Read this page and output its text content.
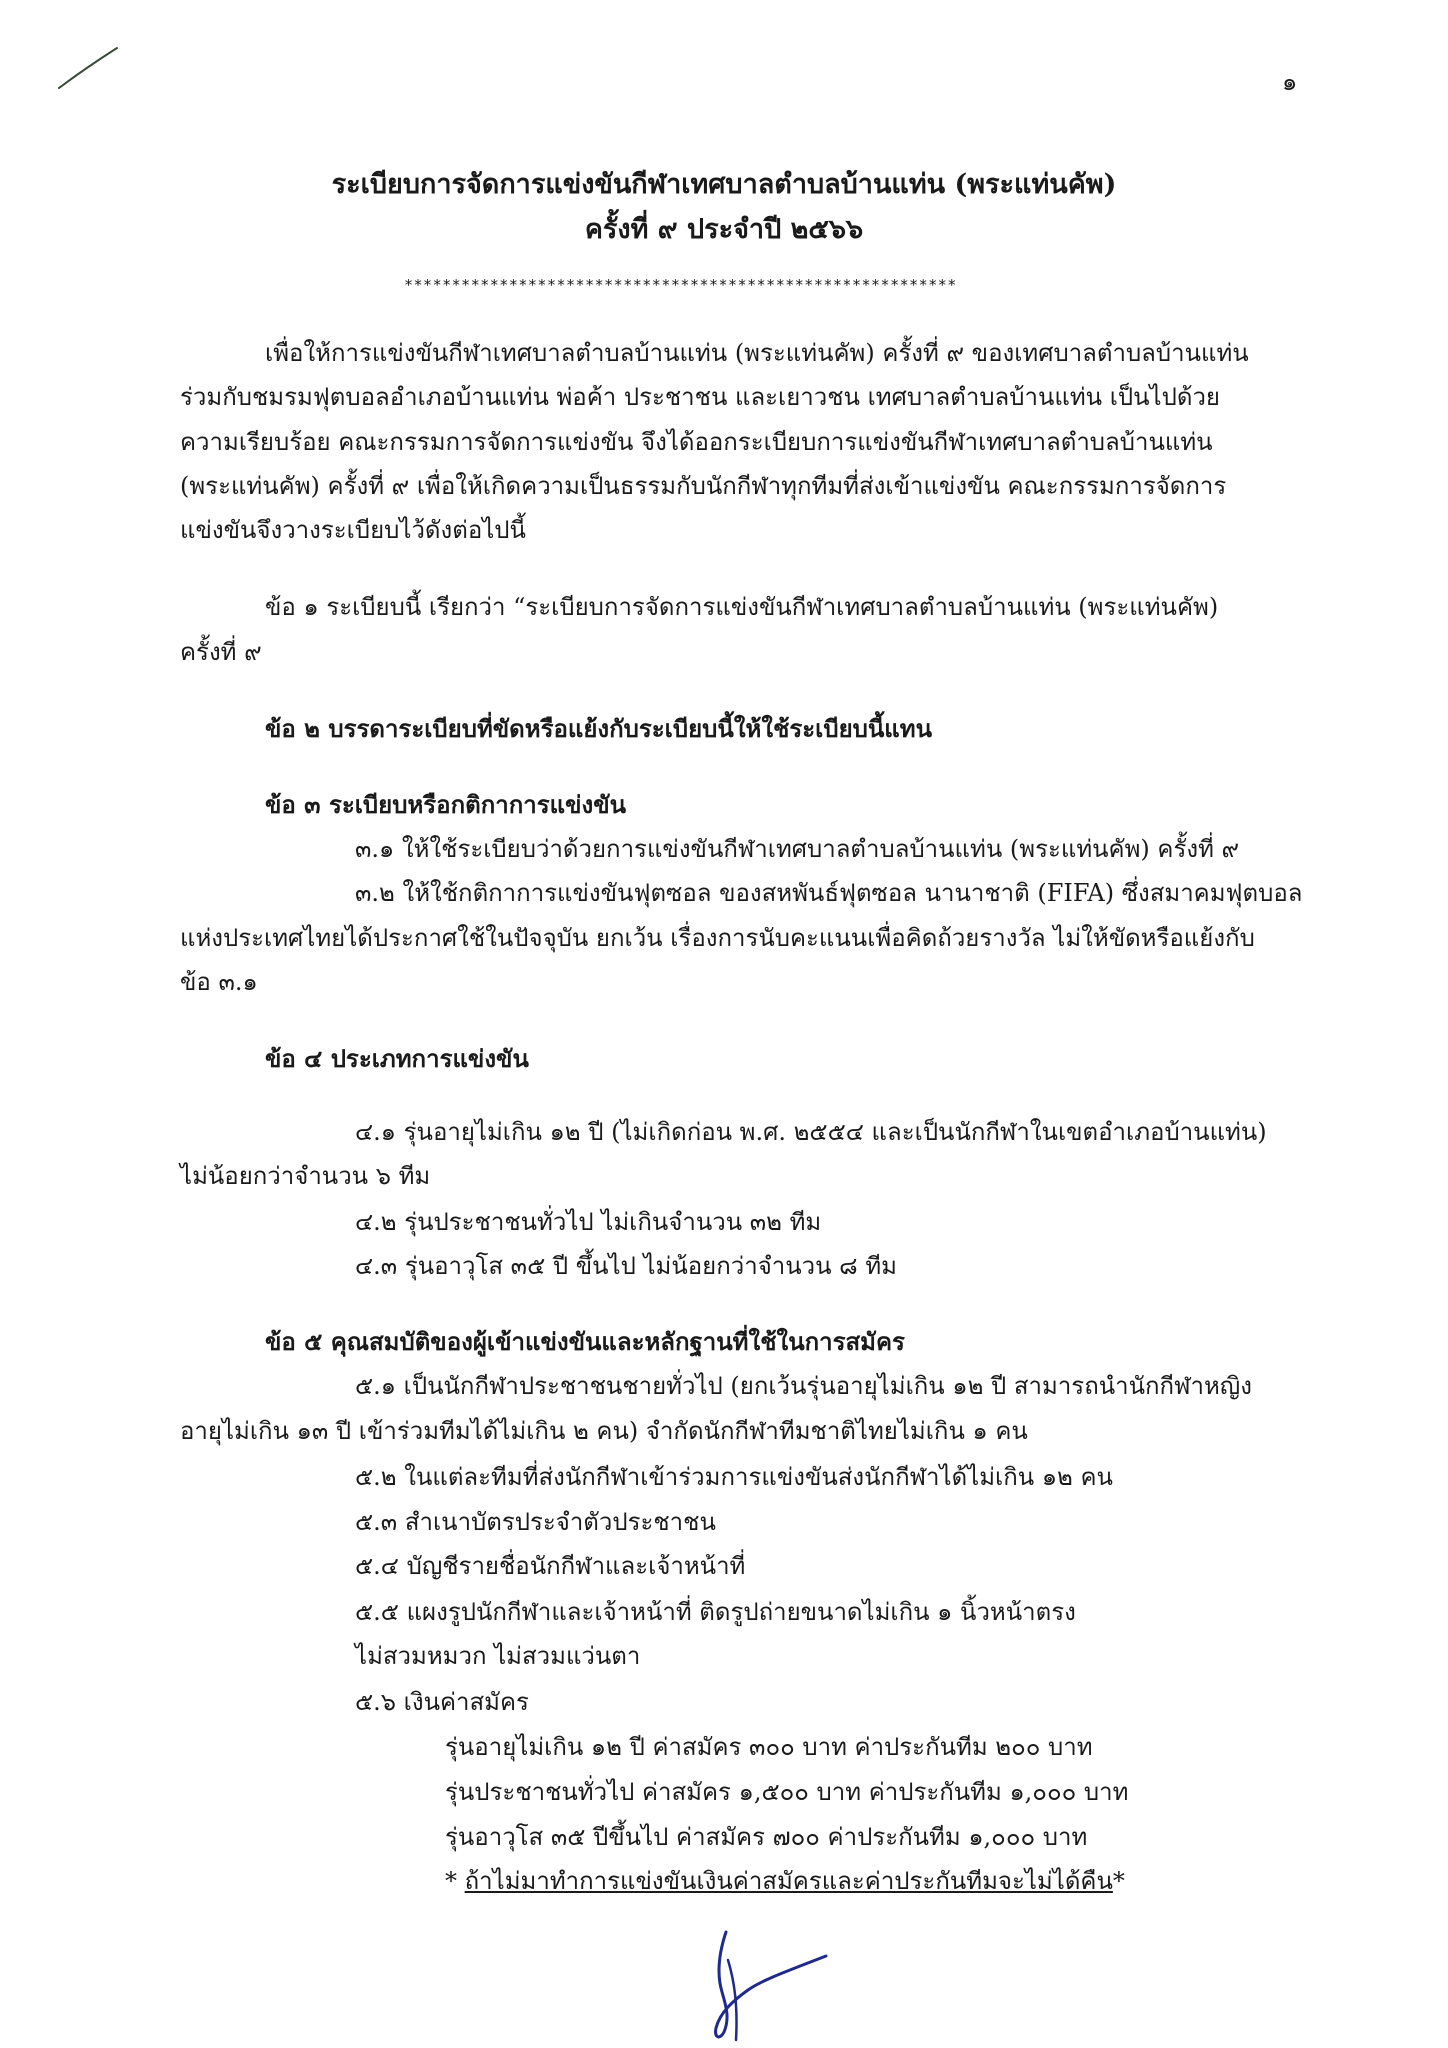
๑
ระเบียบการจัดการแข่งขันกีฬาเทศบาลตำบลบ้านแท่น (พระแท่นคัพ)
ครั้งที่ ๙ ประจำปี ๒๕๖๖
**********************************************************
เพื่อให้การแข่งขันกีฬาเทศบาลตำบลบ้านแท่น (พระแท่นคัพ) ครั้งที่ ๙ ของเทศบาลตำบลบ้านแท่น
ร่วมกับชมรมฟุตบอลอำเภอบ้านแท่น พ่อค้า ประชาชน และเยาวชน เทศบาลตำบลบ้านแท่น เป็นไปด้วย
ความเรียบร้อย คณะกรรมการจัดการแข่งขัน จึงได้ออกระเบียบการแข่งขันกีฬาเทศบาลตำบลบ้านแท่น
(พระแท่นคัพ) ครั้งที่ ๙ เพื่อให้เกิดความเป็นธรรมกับนักกีฬาทุกทีมที่ส่งเข้าแข่งขัน คณะกรรมการจัดการ
แข่งขันจึงวางระเบียบไว้ดังต่อไปนี้
ข้อ ๑ ระเบียบนี้ เรียกว่า “ระเบียบการจัดการแข่งขันกีฬาเทศบาลตำบลบ้านแท่น (พระแท่นคัพ)
ครั้งที่ ๙
ข้อ ๒ บรรดาระเบียบที่ขัดหรือแย้งกับระเบียบนี้ให้ใช้ระเบียบนี้แทน
ข้อ ๓ ระเบียบหรือกติกาการแข่งขัน
๓.๑ ให้ใช้ระเบียบว่าด้วยการแข่งขันกีฬาเทศบาลตำบลบ้านแท่น (พระแท่นคัพ) ครั้งที่ ๙
๓.๒ ให้ใช้กติกาการแข่งขันฟุตซอล ของสหพันธ์ฟุตซอล นานาชาติ (FIFA) ซึ่งสมาคมฟุตบอล
แห่งประเทศไทยได้ประกาศใช้ในปัจจุบัน ยกเว้น เรื่องการนับคะแนนเพื่อคิดถ้วยรางวัล ไม่ให้ขัดหรือแย้งกับ
ข้อ ๓.๑
ข้อ ๔ ประเภทการแข่งขัน
๔.๑ รุ่นอายุไม่เกิน ๑๒ ปี (ไม่เกิดก่อน พ.ศ. ๒๕๕๔ และเป็นนักกีฬาในเขตอำเภอบ้านแท่น)
ไม่น้อยกว่าจำนวน ๖ ทีม
๔.๒ รุ่นประชาชนทั่วไป ไม่เกินจำนวน ๓๒ ทีม
๔.๓ รุ่นอาวุโส ๓๕ ปี ขึ้นไป ไม่น้อยกว่าจำนวน ๘ ทีม
ข้อ ๕ คุณสมบัติของผู้เข้าแข่งขันและหลักฐานที่ใช้ในการสมัคร
๕.๑ เป็นนักกีฬาประชาชนชายทั่วไป (ยกเว้นรุ่นอายุไม่เกิน ๑๒ ปี สามารถนำนักกีฬาหญิง
อายุไม่เกิน ๑๓ ปี เข้าร่วมทีมได้ไม่เกิน ๒ คน) จำกัดนักกีฬาทีมชาติไทยไม่เกิน ๑ คน
๕.๒ ในแต่ละทีมที่ส่งนักกีฬาเข้าร่วมการแข่งขันส่งนักกีฬาได้ไม่เกิน ๑๒ คน
๕.๓ สำเนาบัตรประจำตัวประชาชน
๕.๔ บัญชีรายชื่อนักกีฬาและเจ้าหน้าที่
๕.๕ แผงรูปนักกีฬาและเจ้าหน้าที่ ติดรูปถ่ายขนาดไม่เกิน ๑ นิ้วหน้าตรง
ไม่สวมหมวก ไม่สวมแว่นตา
๕.๖ เงินค่าสมัคร
รุ่นอายุไม่เกิน ๑๒ ปี ค่าสมัคร ๓๐๐ บาท ค่าประกันทีม ๒๐๐ บาท
รุ่นประชาชนทั่วไป ค่าสมัคร ๑,๕๐๐ บาท ค่าประกันทีม ๑,๐๐๐ บาท
รุ่นอาวุโส ๓๕ ปีขึ้นไป ค่าสมัคร ๗๐๐ ค่าประกันทีม ๑,๐๐๐ บาท
* ถ้าไม่มาทำการแข่งขันเงินค่าสมัครและค่าประกันทีมจะไม่ได้คืน*
